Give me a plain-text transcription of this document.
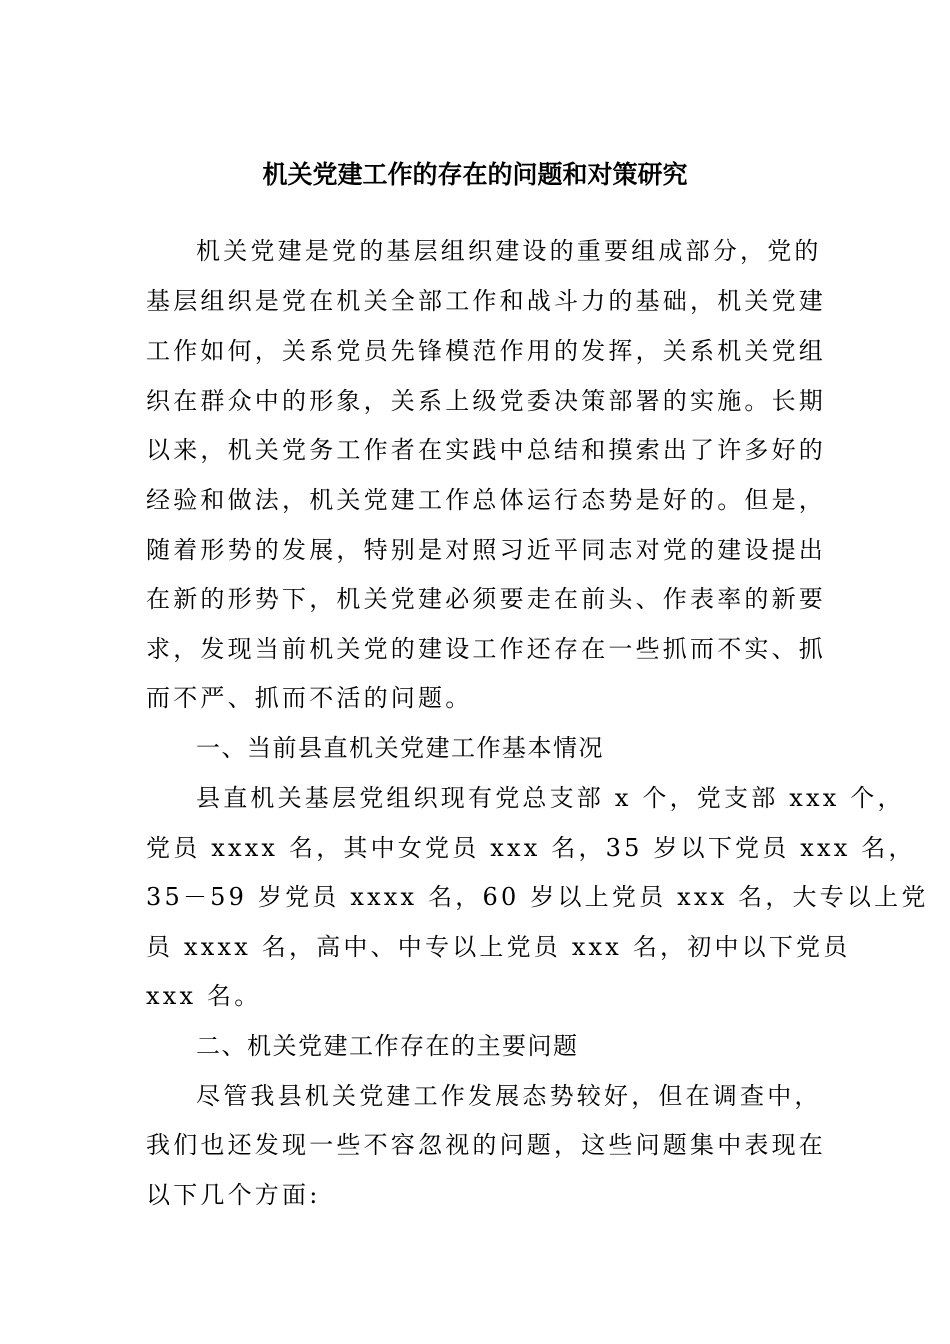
机关党建工作的存在的问题和对策研究
机关党建是党的基层组织建设的重要组成部分，党的
基层组织是党在机关全部工作和战斗力的基础，机关党建
工作如何，关系党员先锋模范作用的发挥，关系机关党组
织在群众中的形象，关系上级党委决策部署的实施。长期
以来，机关党务工作者在实践中总结和摸索出了许多好的
经验和做法，机关党建工作总体运行态势是好的。但是，
随着形势的发展，特别是对照习近平同志对党的建设提出
在新的形势下，机关党建必须要走在前头、作表率的新要
求，发现当前机关党的建设工作还存在一些抓而不实、抓
而不严、抓而不活的问题。
一、当前县直机关党建工作基本情况
县直机关基层党组织现有党总支部 x 个，党支部 xxx 个，
党员 xxxx 名，其中女党员 xxx 名，35 岁以下党员 xxx 名，
35－59 岁党员 xxxx 名，60 岁以上党员 xxx 名，大专以上党
员 xxxx 名，高中、中专以上党员 xxx 名，初中以下党员
xxx 名。
二、机关党建工作存在的主要问题
尽管我县机关党建工作发展态势较好，但在调查中，
我们也还发现一些不容忽视的问题，这些问题集中表现在
以下几个方面:
